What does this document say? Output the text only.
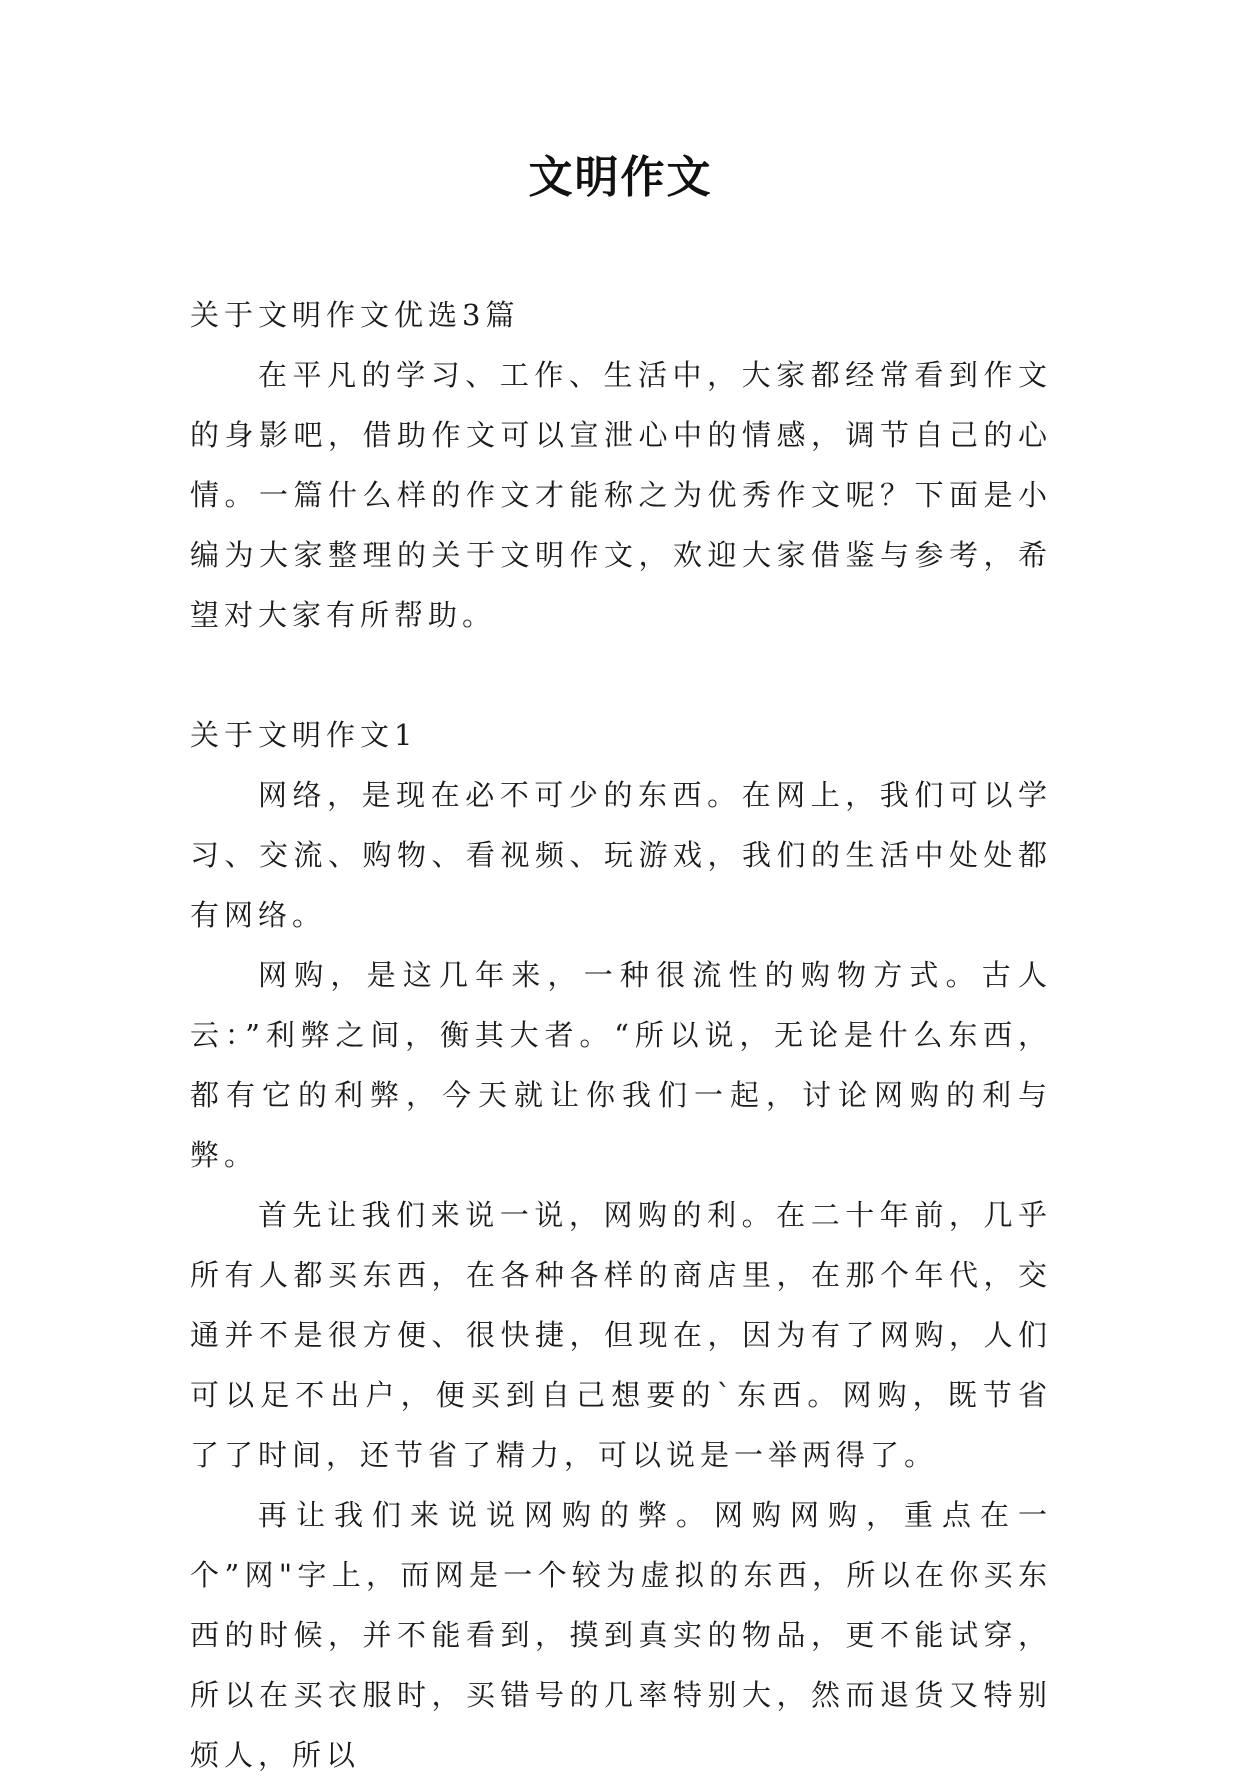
文明作文

关于文明作文优选3篇

在平凡的学习、工作、生活中，大家都经常看到作文的身影吧，借助作文可以宣泄心中的情感，调节自己的心情。一篇什么样的作文才能称之为优秀作文呢？下面是小编为大家整理的关于文明作文，欢迎大家借鉴与参考，希望对大家有所帮助。

关于文明作文1

网络，是现在必不可少的东西。在网上，我们可以学习、交流、购物、看视频、玩游戏，我们的生活中处处都有网络。

网购，是这几年来，一种很流性的购物方式。古人云：”利弊之间，衡其大者。“所以说，无论是什么东西，都有它的利弊，今天就让你我们一起，讨论网购的利与弊。

首先让我们来说一说，网购的利。在二十年前，几乎所有人都买东西，在各种各样的商店里，在那个年代，交通并不是很方便、很快捷，但现在，因为有了网购，人们可以足不出户，便买到自己想要的`东西。网购，既节省了了时间，还节省了精力，可以说是一举两得了。

再让我们来说说网购的弊。网购网购，重点在一个”网"字上，而网是一个较为虚拟的东西，所以在你买东西的时候，并不能看到，摸到真实的物品，更不能试穿，所以在买衣服时，买错号的几率特别大，然而退货又特别烦人，所以
